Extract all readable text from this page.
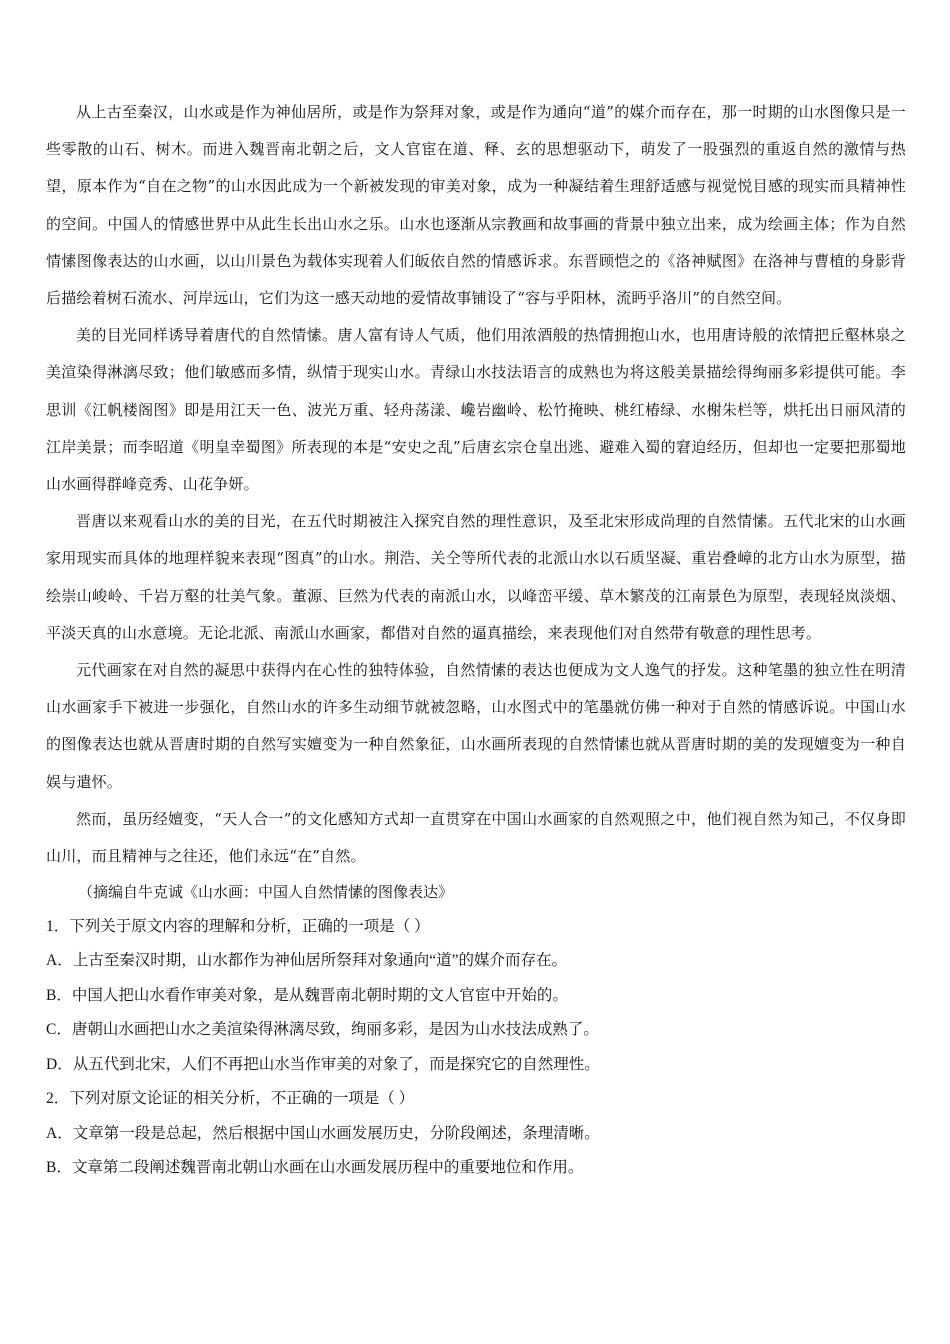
从上古至秦汉，山水或是作为神仙居所，或是作为祭拜对象，或是作为通向“道”的媒介而存在，那一时期的山水图像只是一些零散的山石、树木。而进入魏晋南北朝之后，文人官宦在道、释、玄的思想驱动下，萌发了一股强烈的重返自然的激情与热望，原本作为“自在之物”的山水因此成为一个新被发现的审美对象，成为一种凝结着生理舒适感与视觉悦目感的现实而具精神性的空间。中国人的情感世界中从此生长出山水之乐。山水也逐渐从宗教画和故事画的背景中独立出来，成为绘画主体；作为自然情愫图像表达的山水画，以山川景色为载体实现着人们皈依自然的情感诉求。东晋顾恺之的《洛神赋图》在洛神与曹植的身影背后描绘着树石流水、河岸远山，它们为这一感天动地的爱情故事铺设了“容与乎阳林，流眄乎洛川”的自然空间。

美的目光同样诱导着唐代的自然情愫。唐人富有诗人气质，他们用浓酒般的热情拥抱山水，也用唐诗般的浓情把丘壑林泉之美渲染得淋漓尽致；他们敏感而多情，纵情于现实山水。青绿山水技法语言的成熟也为将这般美景描绘得绚丽多彩提供可能。李思训《江帆楼阁图》即是用江天一色、波光万重、轻舟荡漾、巉岩幽岭、松竹掩映、桃红椿绿、水榭朱栏等，烘托出日丽风清的江岸美景；而李昭道《明皇幸蜀图》所表现的本是“安史之乱”后唐玄宗仓皇出逃、避难入蜀的窘迫经历，但却也一定要把那蜀地山水画得群峰竞秀、山花争妍。

晋唐以来观看山水的美的目光，在五代时期被注入探究自然的理性意识，及至北宋形成尚理的自然情愫。五代北宋的山水画家用现实而具体的地理样貌来表现“图真”的山水。荆浩、关仝等所代表的北派山水以石质坚凝、重岩叠嶂的北方山水为原型，描绘崇山峻岭、千岩万壑的壮美气象。董源、巨然为代表的南派山水，以峰峦平缓、草木繁茂的江南景色为原型，表现轻岚淡烟、平淡天真的山水意境。无论北派、南派山水画家，都借对自然的逼真描绘，来表现他们对自然带有敬意的理性思考。

元代画家在对自然的凝思中获得内在心性的独特体验，自然情愫的表达也便成为文人逸气的抒发。这种笔墨的独立性在明清山水画家手下被进一步强化，自然山水的许多生动细节就被忽略，山水图式中的笔墨就仿佛一种对于自然的情感诉说。中国山水的图像表达也就从晋唐时期的自然写实嬗变为一种自然象征，山水画所表现的自然情愫也就从晋唐时期的美的发现嬗变为一种自娱与遣怀。

然而，虽历经嬗变，“天人合一”的文化感知方式却一直贯穿在中国山水画家的自然观照之中，他们视自然为知己，不仅身即山川，而且精神与之往还，他们永远“在”自然。

（摘编自牛克诚《山水画：中国人自然情愫的图像表达》

1．下列关于原文内容的理解和分析，正确的一项是（ ）

A．上古至秦汉时期，山水都作为神仙居所祭拜对象通向“道”的媒介而存在。

B．中国人把山水看作审美对象，是从魏晋南北朝时期的文人官宦中开始的。

C．唐朝山水画把山水之美渲染得淋漓尽致，绚丽多彩，是因为山水技法成熟了。

D．从五代到北宋，人们不再把山水当作审美的对象了，而是探究它的自然理性。

2．下列对原文论证的相关分析，不正确的一项是（ ）

A．文章第一段是总起，然后根据中国山水画发展历史，分阶段阐述，条理清晰。

B．文章第二段阐述魏晋南北朝山水画在山水画发展历程中的重要地位和作用。
